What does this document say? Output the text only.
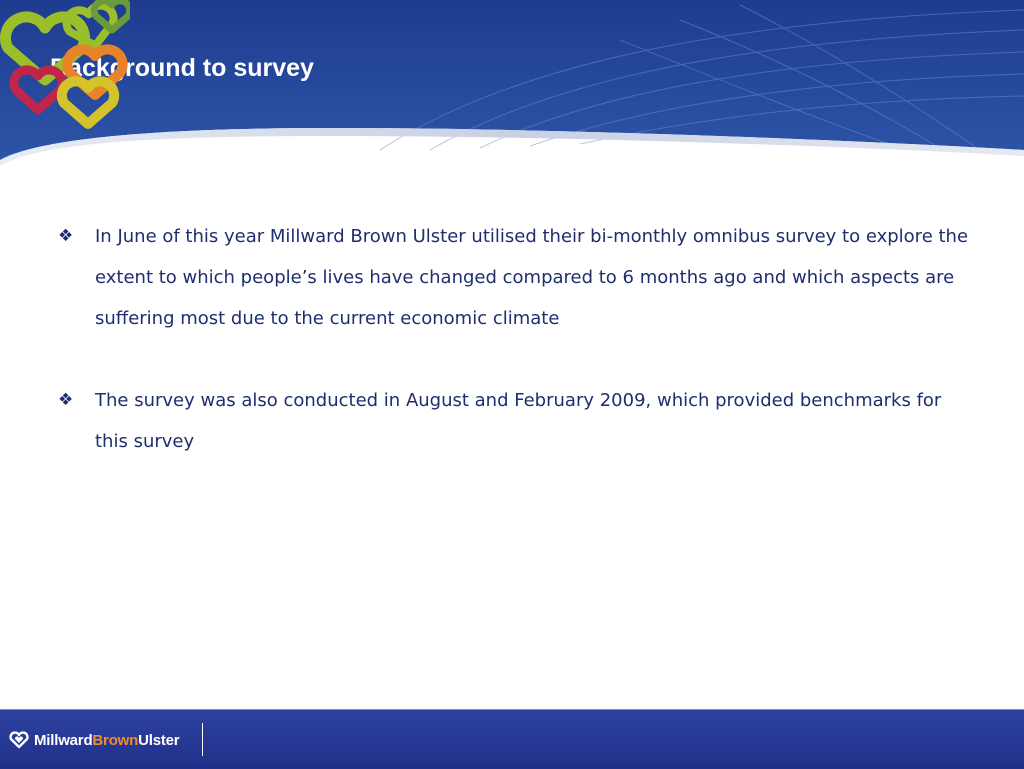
Background to survey
❖	In June of this year Millward Brown Ulster utilised their bi-monthly omnibus survey to explore the extent to which people’s lives have changed compared to 6 months ago and which aspects are suffering most due to the current economic climate
❖	The survey was also conducted in August and February 2009, which provided benchmarks for this survey
MillwardBrownUlster
